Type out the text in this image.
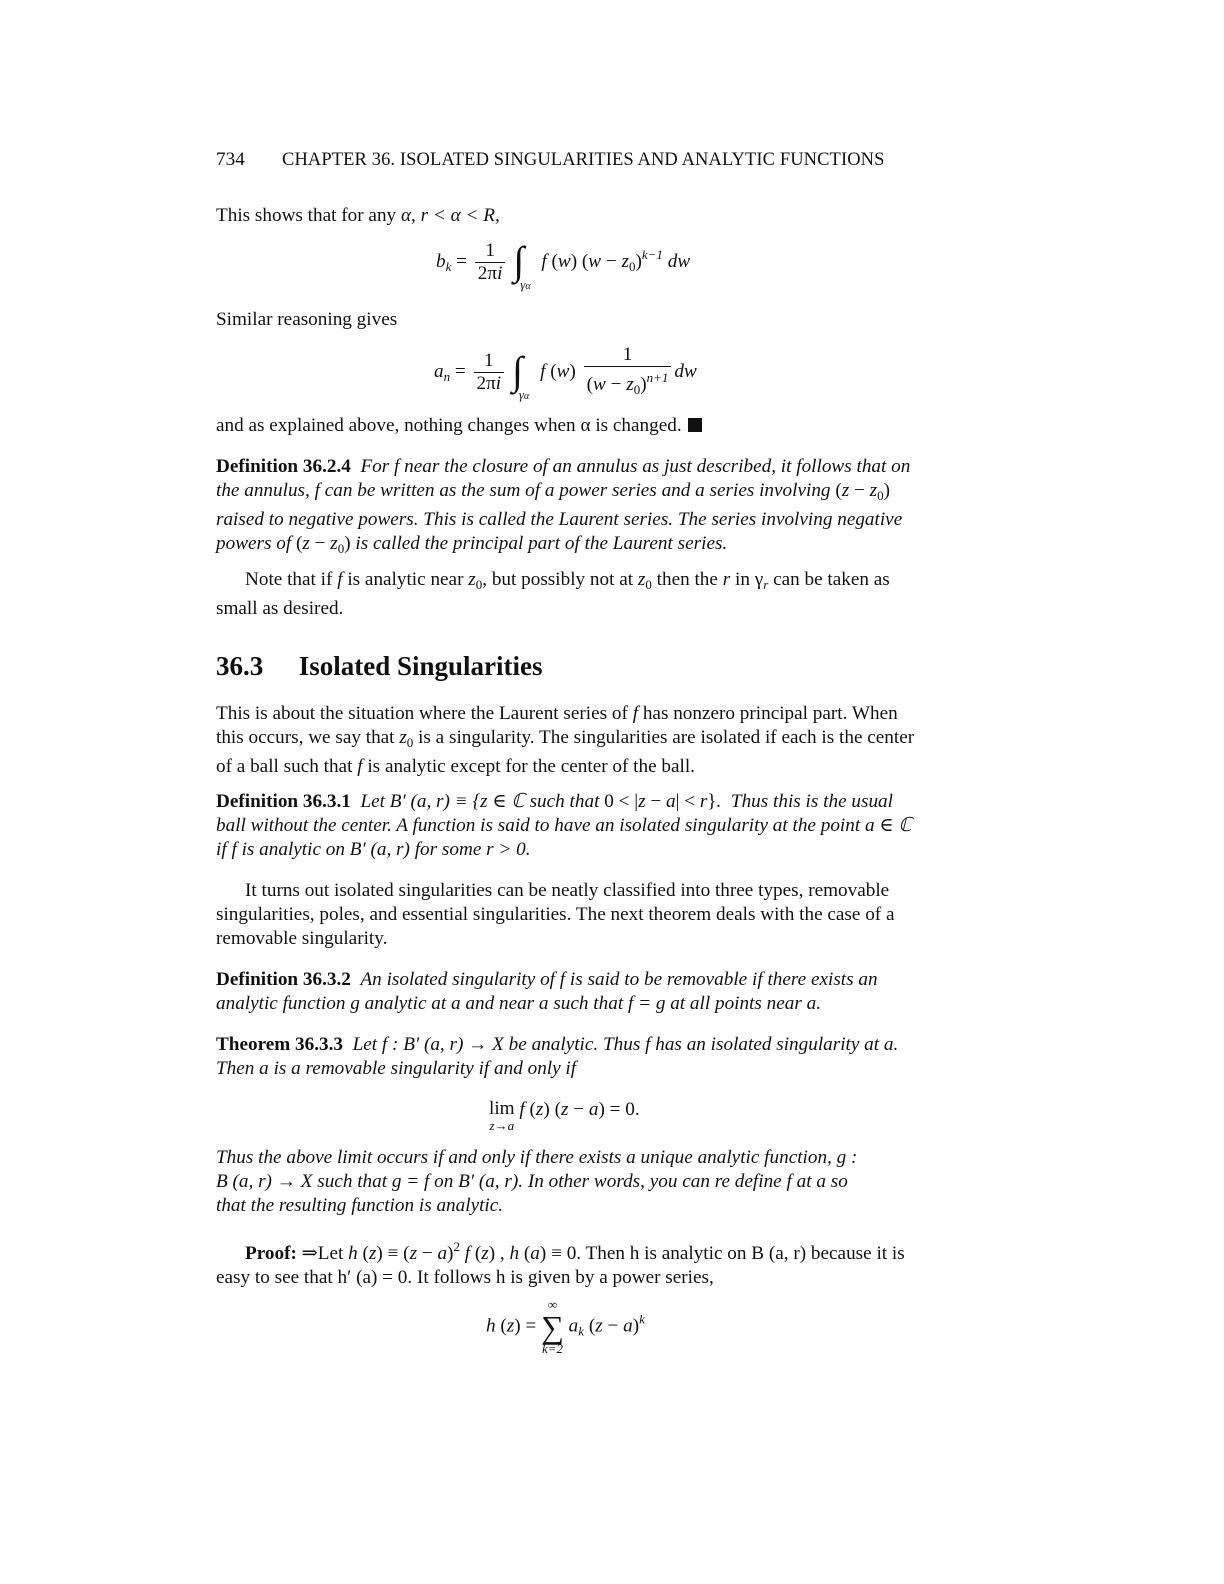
734 CHAPTER 36. ISOLATED SINGULARITIES AND ANALYTIC FUNCTIONS
This shows that for any α, r < α < R,
$b_k = \frac{1}{2\pi i} \int_{\gamma\alpha}$ f (w) $(w - z_0)^{k-1}$ dw
Similar reasoning gives
$a_n = \frac{1}{2\pi i} \int_{\gamma\alpha}$ f $(w) \frac{1}{(w - z_0)^{n+1}}$ dw
and as explained above, nothing changes when α is changed.
Definition 36.2.4 For f near the closure of an annulus as just described, it follows that on
the annulus, f can be written as the sum of a power series and a series involving $(z - z_0)$
raised to negative powers. This is called the Laurent series. The series involving negative
powers of $(z - z_0)$ is called the principal part of the Laurent series.
Note that if f is analytic near $z_0$, but possibly not at $z_0$ then the r in $\gamma_r$ can be taken as
small as desired.
36.3 Isolated Singularities
This is about the situation where the Laurent series of f has nonzero principal part. When
this occurs, we say that $z_0$ is a singularity. The singularities are isolated if each is the center
of a ball such that f is analytic except for the center of the ball.
Definition 36.3.1 Let B′ (a, r) ≡ {z ∈ ℂ such that 0 < |z − a| < r}.  Thus this is the usual
ball without the center. A function is said to have an isolated singularity at the point a ∈ ℂ
if f is analytic on B′ (a, r) for some r > 0.
It turns out isolated singularities can be neatly classified into three types, removable
singularities, poles, and essential singularities. The next theorem deals with the case of a
removable singularity.
Definition 36.3.2 An isolated singularity of f is said to be removable if there exists an
analytic function g analytic at a and near a such that f = g at all points near a.
Theorem 36.3.3 Let f : B′ (a, r) → X be analytic. Thus f has an isolated singularity at a.
Then a is a removable singularity if and only if
lim
z→a
f (z) (z − a) = 0.
Thus the above limit occurs if and only if there exists a unique analytic function, g :
B (a, r) → X such that g = f on B′ (a, r). In other words, you can re define f at a so
that the resulting function is analytic.
Proof: ⇒Let h $(z) \equiv (z - a)^2$ f (z) , h (a) ≡ 0. Then h is analytic on B (a, r) because it is
easy to see that h′ (a) = 0. It follows h is given by a power series,
h (z) =
∞
∑
k=2
$a_k$ $(z - a)^k$
